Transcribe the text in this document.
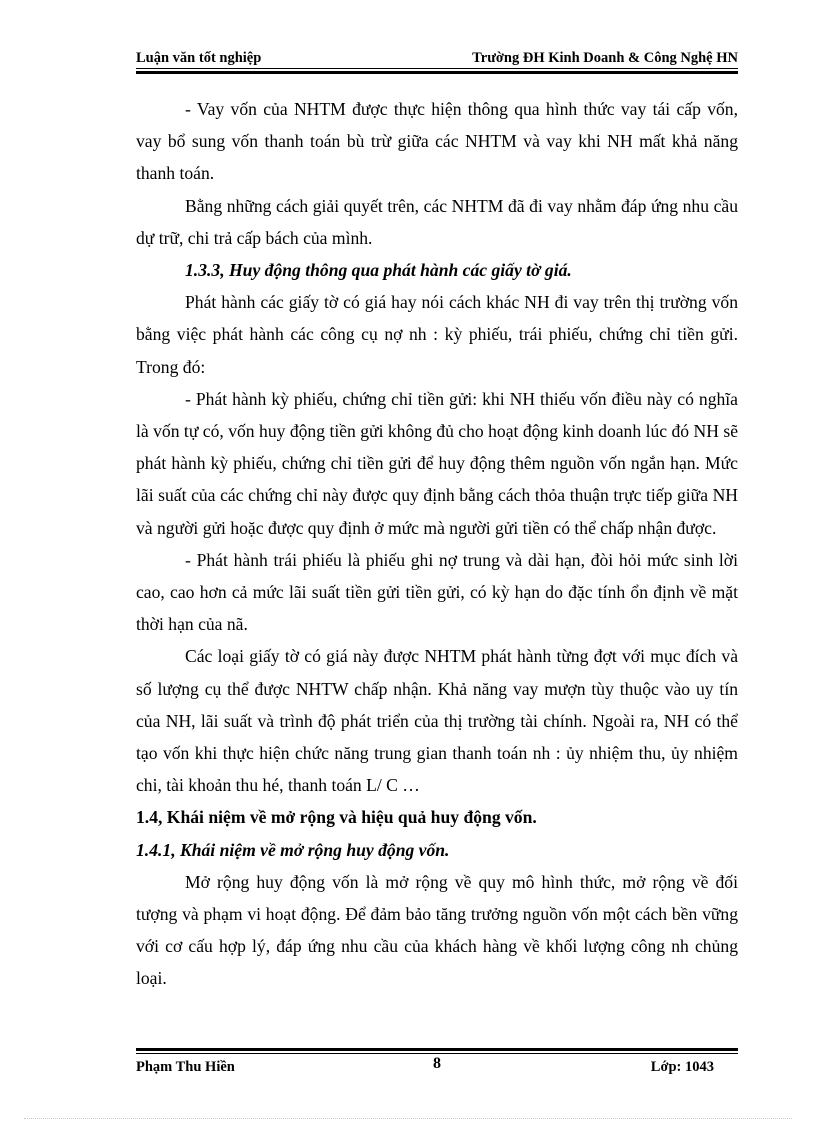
Luận văn tốt nghiệp	Trường ĐH Kinh Doanh & Công Nghệ HN

- Vay vốn của NHTM được thực hiện thông qua hình thức vay tái cấp vốn, vay bổ sung vốn thanh toán bù trừ giữa các NHTM và vay khi NH mất khả năng thanh toán.

Bằng những cách giải quyết trên, các NHTM đã đi vay nhằm đáp ứng nhu cầu dự trữ, chi trả cấp bách của mình.

1.3.3, Huy động thông qua phát hành các giấy tờ giá.

Phát hành các giấy tờ có giá hay nói cách khác NH đi vay trên thị trường vốn bằng việc phát hành các công cụ nợ nh : kỳ phiếu, trái phiếu, chứng chỉ tiền gửi. Trong đó:

- Phát hành kỳ phiếu, chứng chỉ tiền gửi: khi NH thiếu vốn điều này có nghĩa là vốn tự có, vốn huy động tiền gửi không đủ cho hoạt động kinh doanh lúc đó NH sẽ phát hành kỳ phiếu, chứng chỉ tiền gửi để huy động thêm nguồn vốn ngắn hạn. Mức lãi suất của các chứng chỉ này được quy định bằng cách thỏa thuận trực tiếp giữa NH và người gửi hoặc được quy định ở mức mà người gửi tiền có thể chấp nhận được.

- Phát hành trái phiếu là phiếu ghi nợ trung và dài hạn, đòi hỏi mức sinh lời cao, cao hơn cả mức lãi suất tiền gửi tiền gửi, có kỳ hạn do đặc tính ổn định về mặt thời hạn của nã.

Các loại giấy tờ có giá này được NHTM phát hành từng đợt với mục đích và số lượng cụ thể được NHTW chấp nhận. Khả năng vay mượn tùy thuộc vào uy tín của NH, lãi suất và trình độ phát triển của thị trường tài chính. Ngoài ra, NH có thể tạo vốn khi thực hiện chức năng trung gian thanh toán nh : ủy nhiệm thu, ủy nhiệm chi, tài khoản thu hé, thanh toán L/ C …

1.4, Khái niệm về mở rộng và hiệu quả huy động vốn.

1.4.1, Khái niệm về mở rộng huy động vốn.

Mở rộng huy động vốn là mở rộng về quy mô hình thức, mở rộng về đối tượng và phạm vi hoạt động. Để đảm bảo tăng trưởng nguồn vốn một cách bền vững với cơ cấu hợp lý, đáp ứng nhu cầu của khách hàng về khối lượng công nh chủng loại.

Phạm Thu Hiền	8	Lớp: 1043
